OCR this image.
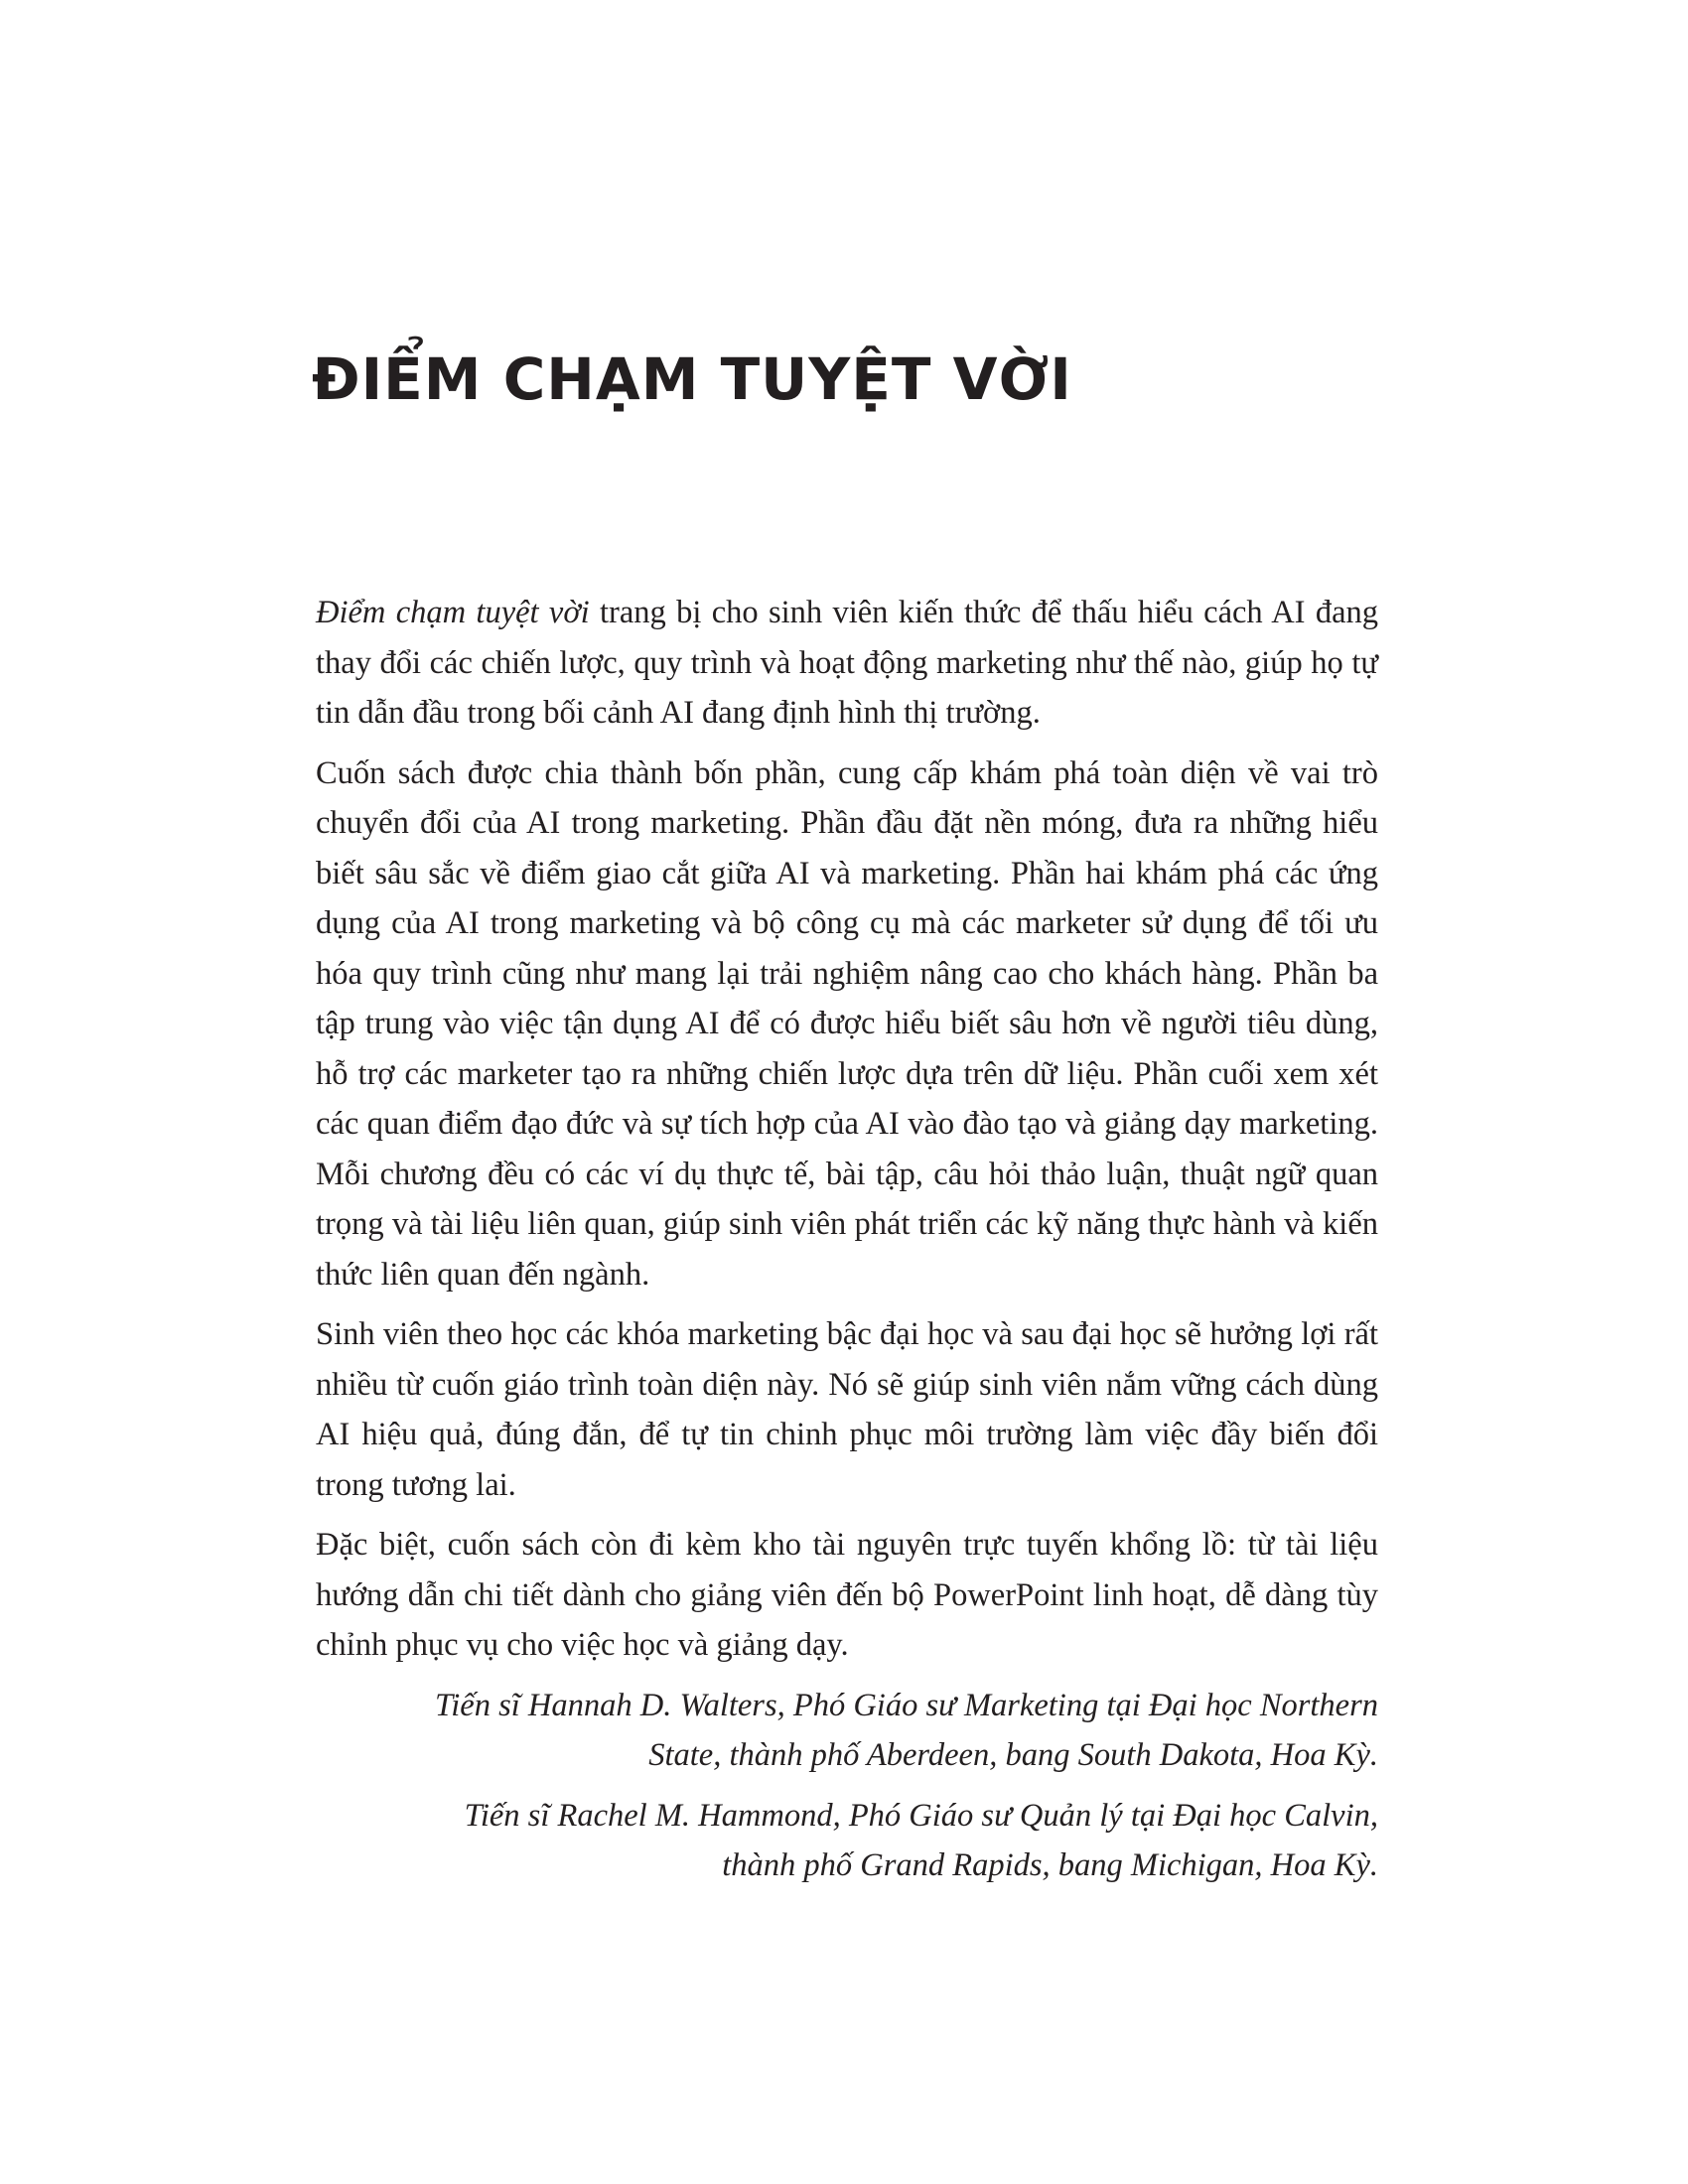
ĐIỂM CHẠM TUYỆT VỜI

Điểm chạm tuyệt vời trang bị cho sinh viên kiến thức để thấu hiểu cách AI đang thay đổi các chiến lược, quy trình và hoạt động marketing như thế nào, giúp họ tự tin dẫn đầu trong bối cảnh AI đang định hình thị trường.

Cuốn sách được chia thành bốn phần, cung cấp khám phá toàn diện về vai trò chuyển đổi của AI trong marketing. Phần đầu đặt nền móng, đưa ra những hiểu biết sâu sắc về điểm giao cắt giữa AI và marketing. Phần hai khám phá các ứng dụng của AI trong marketing và bộ công cụ mà các marketer sử dụng để tối ưu hóa quy trình cũng như mang lại trải nghiệm nâng cao cho khách hàng. Phần ba tập trung vào việc tận dụng AI để có được hiểu biết sâu hơn về người tiêu dùng, hỗ trợ các marketer tạo ra những chiến lược dựa trên dữ liệu. Phần cuối xem xét các quan điểm đạo đức và sự tích hợp của AI vào đào tạo và giảng dạy marketing. Mỗi chương đều có các ví dụ thực tế, bài tập, câu hỏi thảo luận, thuật ngữ quan trọng và tài liệu liên quan, giúp sinh viên phát triển các kỹ năng thực hành và kiến thức liên quan đến ngành.

Sinh viên theo học các khóa marketing bậc đại học và sau đại học sẽ hưởng lợi rất nhiều từ cuốn giáo trình toàn diện này. Nó sẽ giúp sinh viên nắm vững cách dùng AI hiệu quả, đúng đắn, để tự tin chinh phục môi trường làm việc đầy biến đổi trong tương lai.

Đặc biệt, cuốn sách còn đi kèm kho tài nguyên trực tuyến khổng lồ: từ tài liệu hướng dẫn chi tiết dành cho giảng viên đến bộ PowerPoint linh hoạt, dễ dàng tùy chỉnh phục vụ cho việc học và giảng dạy.

Tiến sĩ Hannah D. Walters, Phó Giáo sư Marketing tại Đại học Northern
State, thành phố Aberdeen, bang South Dakota, Hoa Kỳ.

Tiến sĩ Rachel M. Hammond, Phó Giáo sư Quản lý tại Đại học Calvin,
thành phố Grand Rapids, bang Michigan, Hoa Kỳ.
